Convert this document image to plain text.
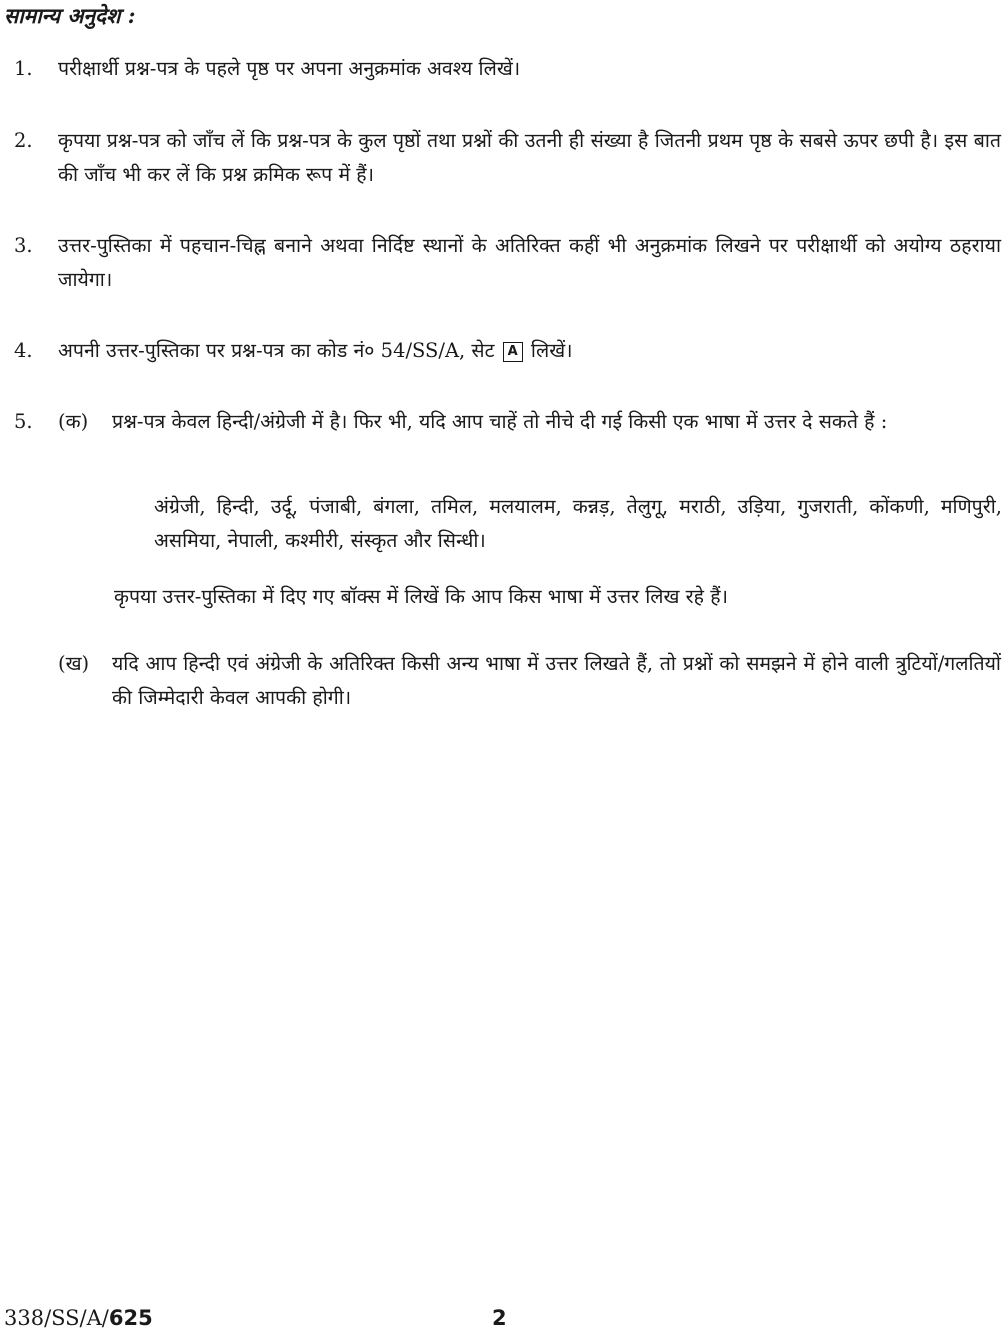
सामान्य अनुदेश :
1. परीक्षार्थी प्रश्न-पत्र के पहले पृष्ठ पर अपना अनुक्रमांक अवश्य लिखें।
2. कृपया प्रश्न-पत्र को जाँच लें कि प्रश्न-पत्र के कुल पृष्ठों तथा प्रश्नों की उतनी ही संख्या है जितनी प्रथम पृष्ठ के सबसे ऊपर छपी है। इस बात की जाँच भी कर लें कि प्रश्न क्रमिक रूप में हैं।
3. उत्तर-पुस्तिका में पहचान-चिह्न बनाने अथवा निर्दिष्ट स्थानों के अतिरिक्त कहीं भी अनुक्रमांक लिखने पर परीक्षार्थी को अयोग्य ठहराया जायेगा।
4. अपनी उत्तर-पुस्तिका पर प्रश्न-पत्र का कोड नं० 54/SS/A, सेट A लिखें।
5. (क) प्रश्न-पत्र केवल हिन्दी/अंग्रेजी में है। फिर भी, यदि आप चाहें तो नीचे दी गई किसी एक भाषा में उत्तर दे सकते हैं :
अंग्रेजी, हिन्दी, उर्दू, पंजाबी, बंगला, तमिल, मलयालम, कन्नड़, तेलुगू, मराठी, उड़िया, गुजराती, कोंकणी, मणिपुरी, असमिया, नेपाली, कश्मीरी, संस्कृत और सिन्धी।
कृपया उत्तर-पुस्तिका में दिए गए बॉक्स में लिखें कि आप किस भाषा में उत्तर लिख रहे हैं।
(ख) यदि आप हिन्दी एवं अंग्रेजी के अतिरिक्त किसी अन्य भाषा में उत्तर लिखते हैं, तो प्रश्नों को समझने में होने वाली त्रुटियों/गलतियों की जिम्मेदारी केवल आपकी होगी।
338/SS/A/625	2
